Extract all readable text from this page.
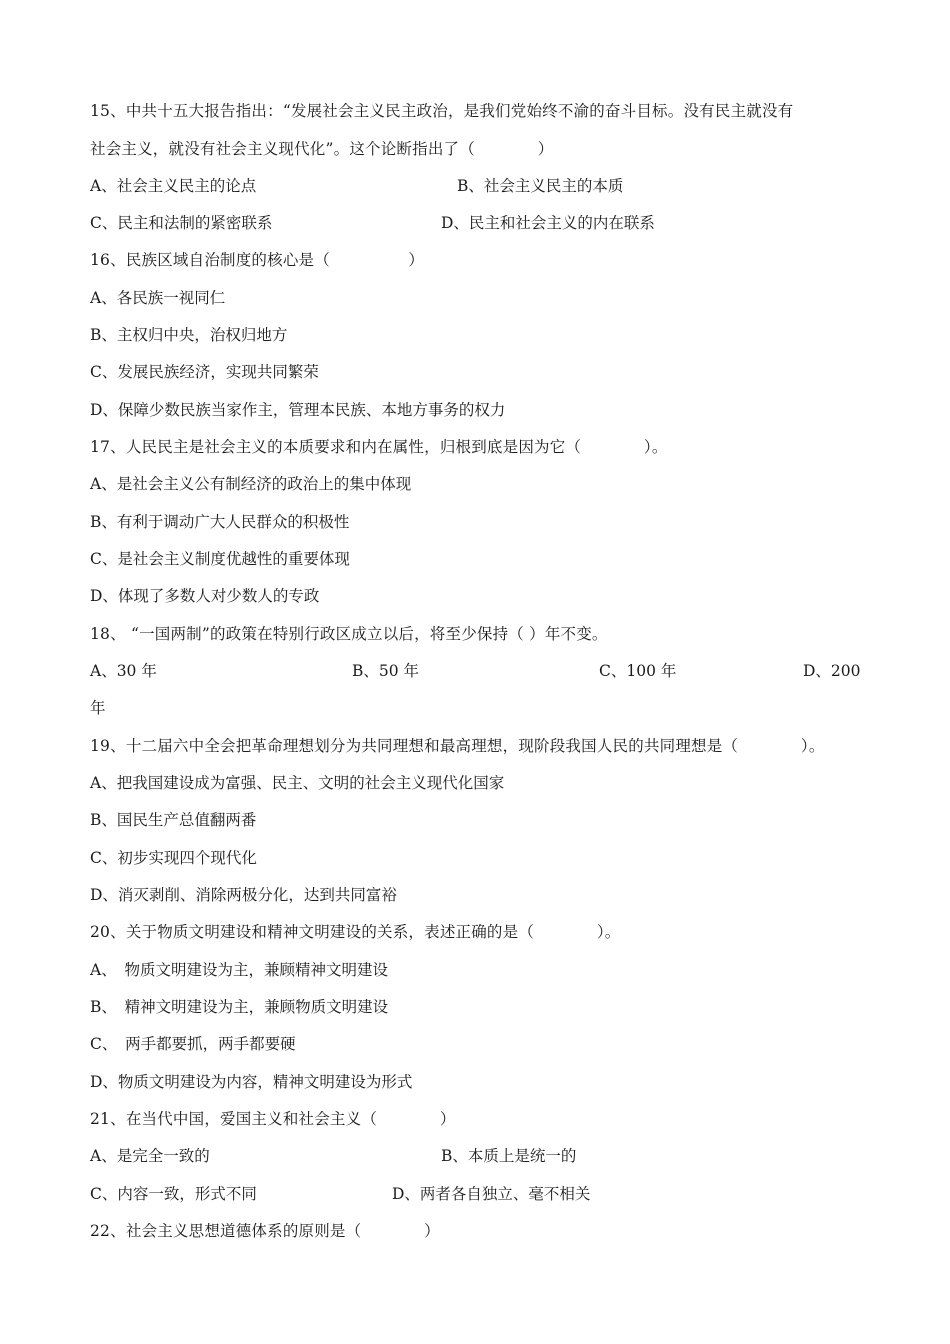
15、中共十五大报告指出：“发展社会主义民主政治，是我们党始终不渝的奋斗目标。没有民主就没有
社会主义，就没有社会主义现代化”。这个论断指出了（　　　　）
A、社会主义民主的论点	B、社会主义民主的本质
C、民主和法制的紧密联系	D、民主和社会主义的内在联系
16、民族区域自治制度的核心是（　　　　　）
A、各民族一视同仁
B、主权归中央，治权归地方
C、发展民族经济，实现共同繁荣
D、保障少数民族当家作主，管理本民族、本地方事务的权力
17、人民民主是社会主义的本质要求和内在属性，归根到底是因为它（　　　　）。
A、是社会主义公有制经济的政治上的集中体现
B、有利于调动广大人民群众的积极性
C、是社会主义制度优越性的重要体现
D、体现了多数人对少数人的专政
18、 “一国两制”的政策在特别行政区成立以后，将至少保持（ ）年不变。
A、30 年	B、50 年	C、100 年	D、200
年
19、十二届六中全会把革命理想划分为共同理想和最高理想，现阶段我国人民的共同理想是（　　　　）。
A、把我国建设成为富强、民主、文明的社会主义现代化国家
B、国民生产总值翻两番
C、初步实现四个现代化
D、消灭剥削、消除两极分化，达到共同富裕
20、关于物质文明建设和精神文明建设的关系，表述正确的是（　　　　）。
A、　物质文明建设为主，兼顾精神文明建设
B、　精神文明建设为主，兼顾物质文明建设
C、　两手都要抓，两手都要硬
D、物质文明建设为内容，精神文明建设为形式
21、在当代中国，爱国主义和社会主义（　　　　）
A、是完全一致的	B、本质上是统一的
C、内容一致，形式不同	D、两者各自独立、毫不相关
22、社会主义思想道德体系的原则是（　　　　）
